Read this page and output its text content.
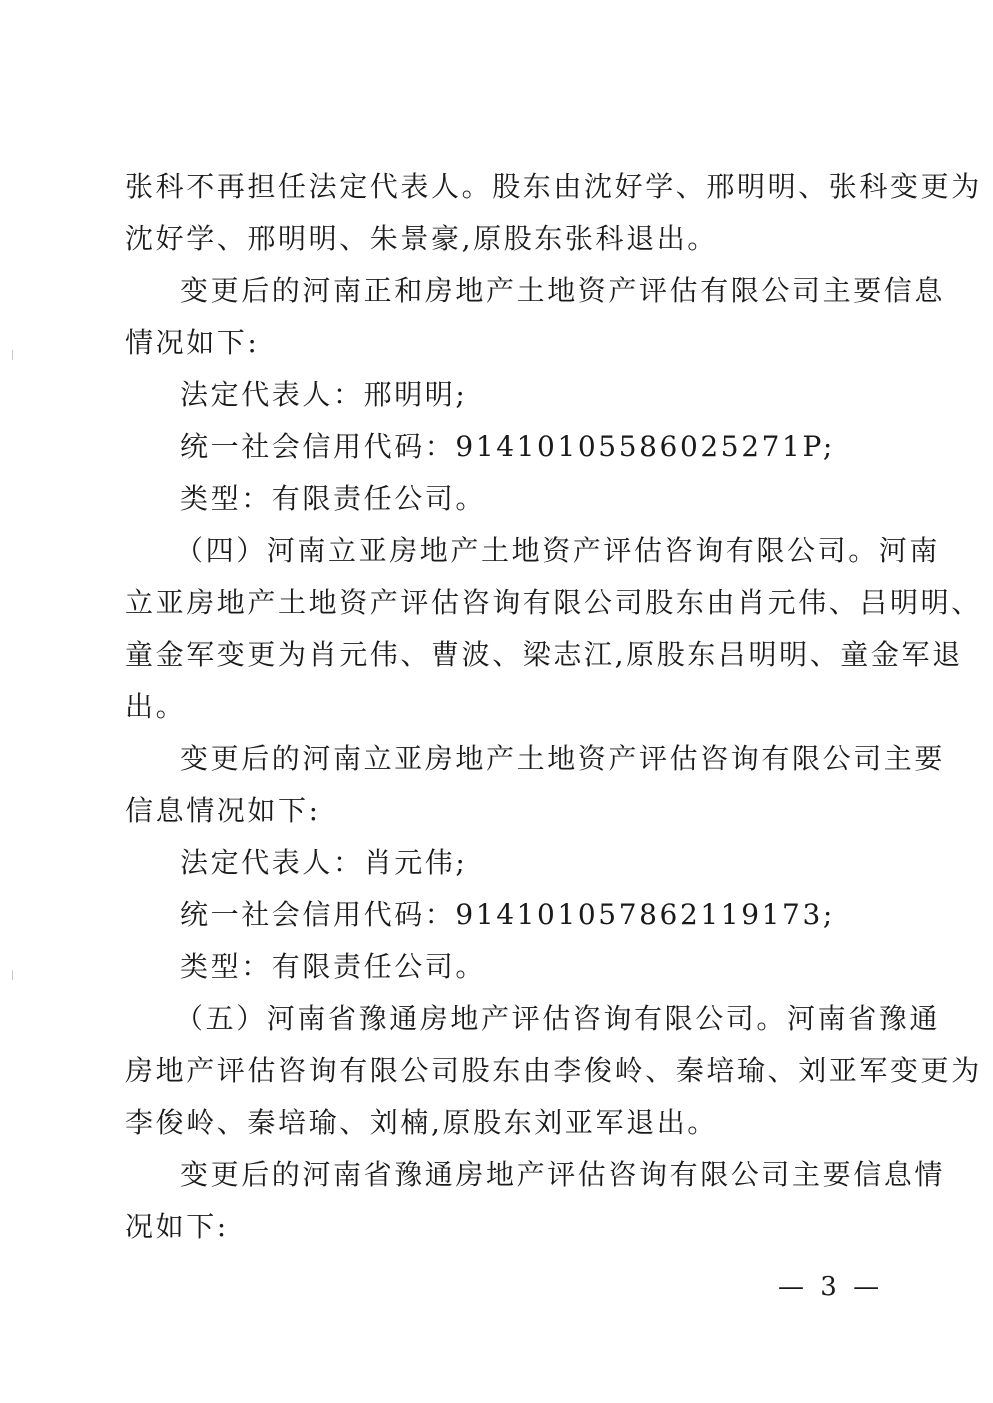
张科不再担任法定代表人。股东由沈好学、邢明明、张科变更为
沈好学、邢明明、朱景豪,原股东张科退出。
变更后的河南正和房地产土地资产评估有限公司主要信息
情况如下:
法定代表人：邢明明;
统一社会信用代码：91410105586025271P;
类型：有限责任公司。
（四）河南立亚房地产土地资产评估咨询有限公司。河南
立亚房地产土地资产评估咨询有限公司股东由肖元伟、吕明明、
童金军变更为肖元伟、曹波、梁志江,原股东吕明明、童金军退
出。
变更后的河南立亚房地产土地资产评估咨询有限公司主要
信息情况如下:
法定代表人：肖元伟;
统一社会信用代码：914101057862119173;
类型：有限责任公司。
（五）河南省豫通房地产评估咨询有限公司。河南省豫通
房地产评估咨询有限公司股东由李俊岭、秦培瑜、刘亚军变更为
李俊岭、秦培瑜、刘楠,原股东刘亚军退出。
变更后的河南省豫通房地产评估咨询有限公司主要信息情
况如下:
— 3 —
